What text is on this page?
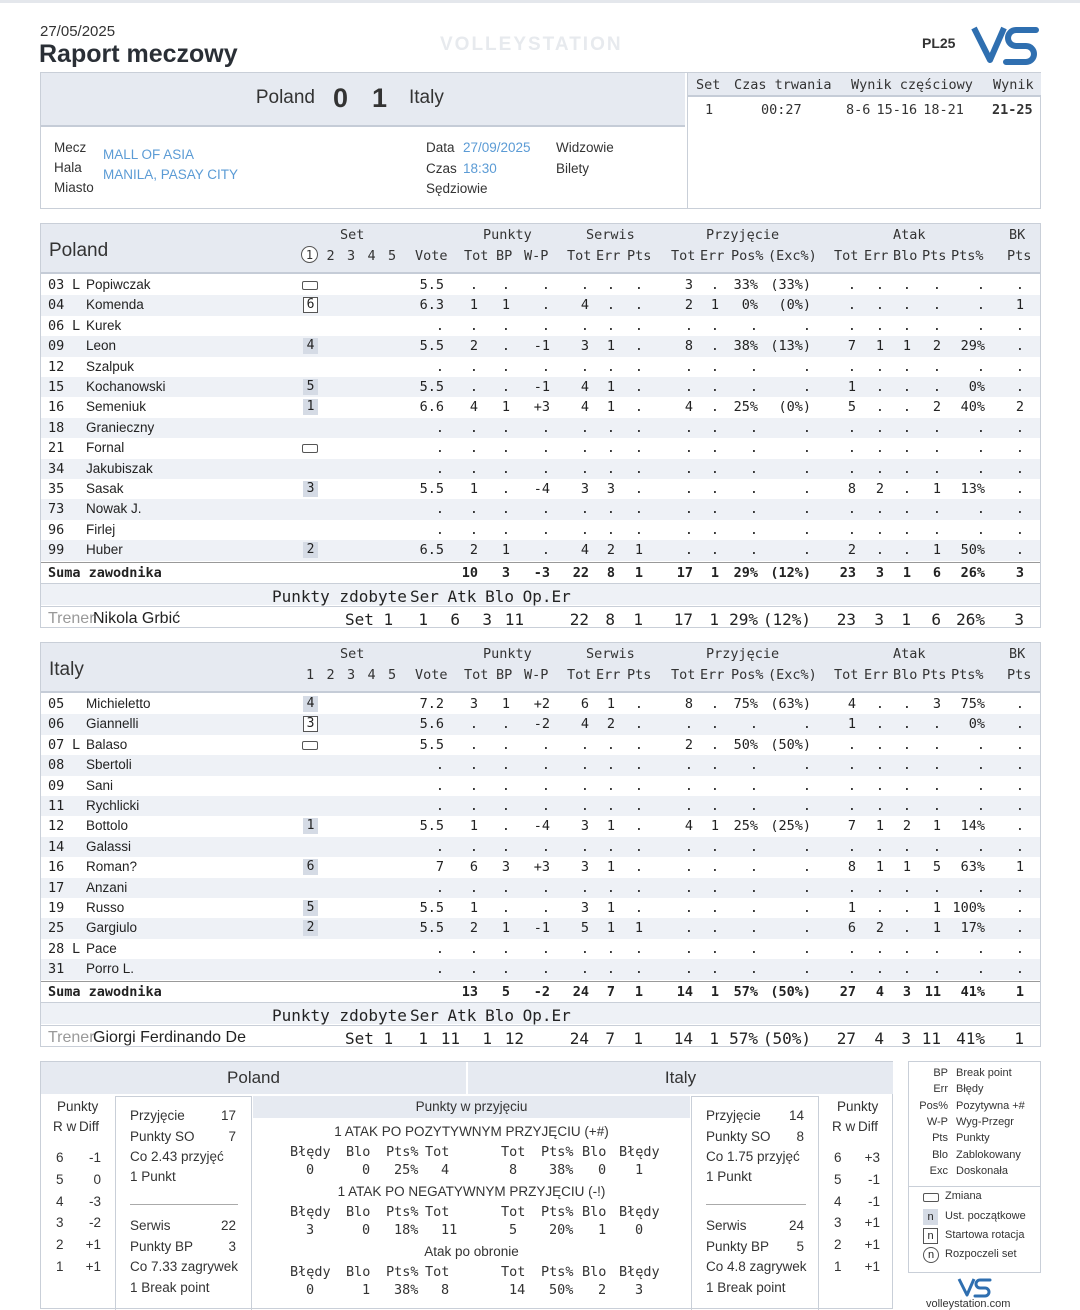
27/05/2025
Raport meczowy	VOLLEYSTATION	PL25
Poland 0 1 Italy
Mecz
Hala
Miasto
MALL OF ASIA
MANILA, PASAY CITY
Data
Czas
Sędziowie
27/09/2025
18:30
Widzowie
Bilety
Set Czas trwania Wynik częściowy Wynik
1	00:27	8-6 15-16 18-21 21-25
Poland
Set	Punkty	Serwis	Przyjęcie	Atak	BK
Vote Tot BP W-P Tot Err Pts Tot Err Pos% (Exc%) Tot Err Blo Pts Pts% Pts
1 2 3 4 5
03 L Popiwczak	5.5 . . . . . .	3 . 33% (33%)	. . . .	. .
04 Komenda	6	6.3 1 1 . 4 . .	2 1 0% (0%)	. . . .	. 1
06 L Kurek	. . . . . . .	. . .	.	. . . .	. .
09 Leon	4	5.5 2 . -1 3 1 .	8 . 38% (13%)	7 1 1 2 29% .
12 Szalpuk	. . . . . . .	. . .	.	. . . .	. .
15 Kochanowski	5	5.5 . . -1 4 1 .	. . .	.	1 . . . 0% .
16 Semeniuk	1	6.6 4 1 +3 4 1 .	4 . 25% (0%)	5 . . 2 40% 2
18 Granieczny	. . . . . . .	. . .	.	. . . .	. .
21 Fornal	. . . . . . .	. . .	.	. . . .	. .
34 Jakubiszak	. . . . . . .	. . .	.	. . . .	. .
35 Sasak	3	5.5 1 . -4 3 3 .	. . .	.	8 2 . 1 13% .
73 Nowak J.	. . . . . . .	. . .	.	. . . .	. .
96 Firlej	. . . . . . .	. . .	.	. . . .	. .
99 Huber	2	6.5 2 1 . 4 2 1	. . .	.	2 . . 1 50% .
Suma zawodnika	10 3 -3 22 8 1 17 1 29% (12%) 23 3 1 6 26% 3
Punkty zdobyte Ser Atk Blo Op.Er
Trener
Nikola Grbić	Set 1 1 6 3 11	22 8 1 17 1 29% (12%) 23 3 1 6 26% 3
Italy
Set	Punkty	Serwis	Przyjęcie	Atak	BK
Vote Tot BP W-P Tot Err Pts Tot Err Pos% (Exc%) Tot Err Blo Pts Pts% Pts
1 2 3 4 5
05 Michieletto	4	7.2 3 1 +2 6 1 .	8 . 75% (63%)	4 . . 3 75% .
06 Giannelli	3	5.6 . . -2 4 2 .	. . .	.	1 . . . 0% .
07 L Balaso	5.5 . . . . . .	2 . 50% (50%)	. . . .	. .
08 Sbertoli	. . . . . . .	. . .	.	. . . .	. .
09 Sani	. . . . . . .	. . .	.	. . . .	. .
11 Rychlicki	. . . . . . .	. . .	.	. . . .	. .
12 Bottolo	1	5.5 1 . -4 3 1 .	4 1 25% (25%)	7 1 2 1 14% .
14 Galassi	. . . . . . .	. . .	.	. . . .	. .
16 Roman?	6	7 6 3 +3 3 1 .	. . .	.	8 1 1 5 63% 1
17 Anzani	. . . . . . .	. . .	.	. . . .	. .
19 Russo	5	5.5 1 . . 3 1 .	. . .	.	1 . . 1 100% .
25 Gargiulo	2	5.5 2 1 -1 5 1 1	. . .	.	6 2 . 1 17% .
28 L Pace	. . . . . . .	. . .	.	. . . .	. .
31 Porro L.	. . . . . . .	. . .	.	. . . .	. .
Suma zawodnika	13 5 -2 24 7 1 14 1 57% (50%) 27 4 3 11 41% 1
Punkty zdobyte Ser Atk Blo Op.Er
Trener
Giorgi Ferdinando De	Set 1 1 11 1 12	24 7 1 14 1 57% (50%) 27 4 3 11 41% 1
Poland	Italy
Punkty
R w Diff
6 -1
5 0
4 -3
3 -2
2 +1
1 +1
Przyjęcie	17
Punkty SO	7
Co 2.43 przyjęć
1 Punkt
Serwis	22
Punkty BP	3
Co 7.33 zagrywek
1 Break point
Punkty w przyjęciu
1 ATAK PO POZYTYWNYM PRZYJĘCIU (+#)
Błędy
0
Blo
0
Pts%
25%
Tot
4
Tot
8
Pts%
38%
Blo
0
Błędy
1
1 ATAK PO NEGATYWNYM PRZYJĘCIU (-!)
Błędy
3
Blo
0
Pts%
18%
Tot
11
Tot
5
Pts%
20%
Blo
1
Błędy
0
Atak po obronie
Błędy
0
Blo
1
Pts%
38%
Tot
8
Tot
14
Pts%
50%
Blo
2
Błędy
3
Przyjęcie 14
Punkty SO 8
Co 1.75 przyjęć
1 Punkt
Serwis	24
Punkty BP 5
Co 4.8 zagrywek
1 Break point
Punkty
R w Diff
6 +3
5 -1
4 -1
3 +1
2 +1
1 +1
BP Break point
Err Błędy
Pos% Pozytywna +#
W-P Wyg-Przegr
Pts Punkty
Blo Zablokowany
Exc Doskonała
Zmiana
n	Ust. początkowe
n	Startowa rotacja
n Rozpoczeli set
volleystation.com
